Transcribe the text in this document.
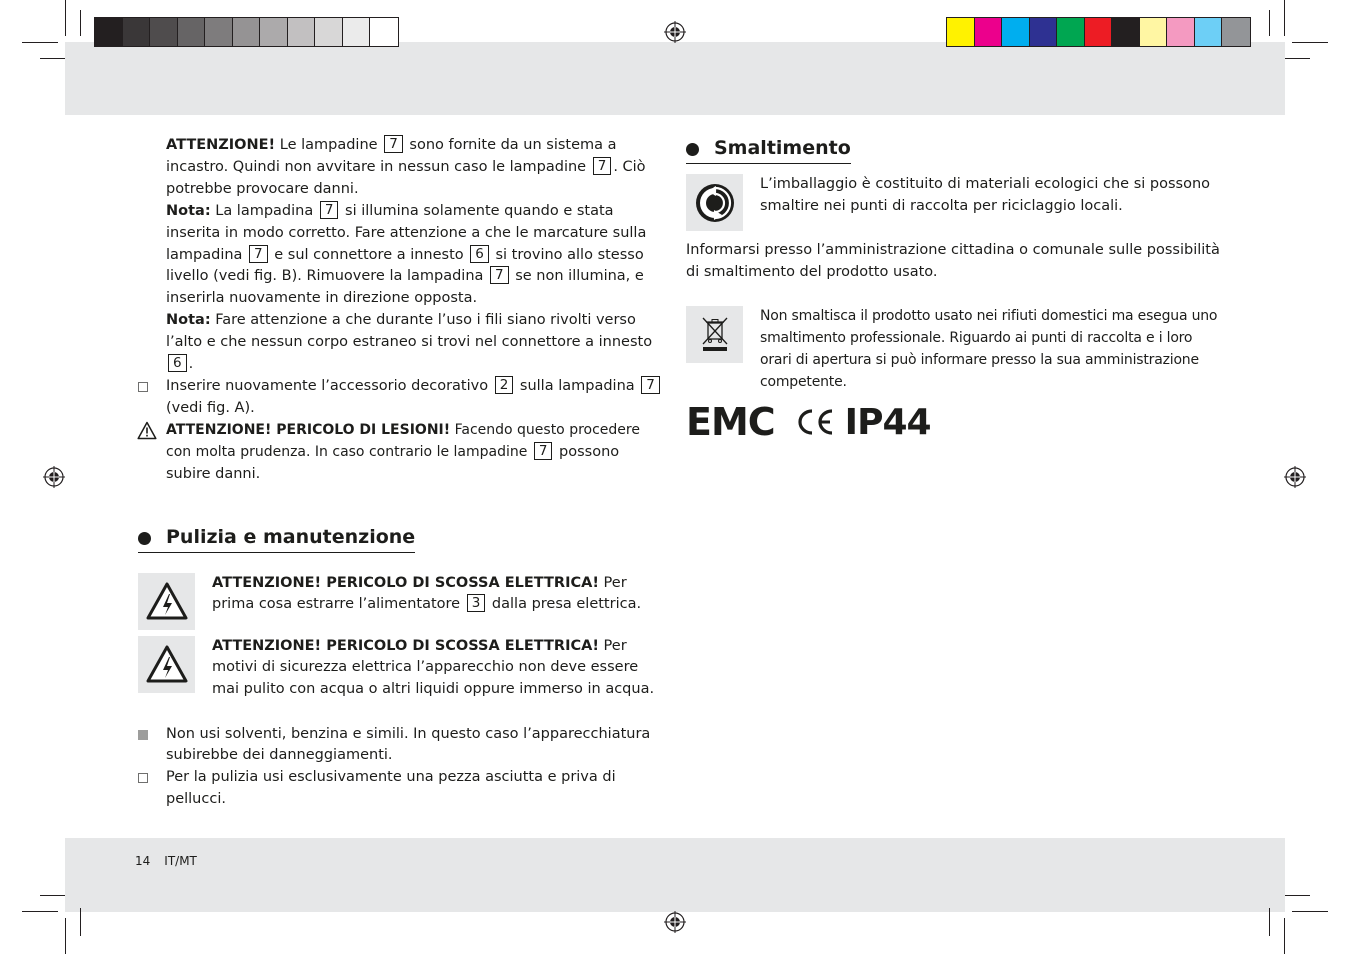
ATTENZIONE! Le lampadine 7 sono fornite da un sistema a incastro. Quindi non avvitare in nessun caso le lampadine 7 . Ciò potrebbe provocare danni.
Nota: La lampadina 7 si illumina solamente quando e stata inserita in modo corretto. Fare attenzione a che le marcature sulla lampadina 7 e sul connettore a innesto 6 si trovino allo stesso livello (vedi fig. B). Rimuovere la lampadina 7 se non illumina, e inserirla nuovamente in direzione opposta.
Nota: Fare attenzione a che durante l’uso i fili siano rivolti verso l’alto e che nessun corpo estraneo si trovi nel connettore a innesto 6 .
Inserire nuovamente l’accessorio decorativo 2 sulla lampadina 7 (vedi fig. A).
ATTENZIONE! PERICOLO DI LESIONI! Facendo questo procedere con molta prudenza. In caso contrario le lampadine 7 possono subire danni.
Pulizia e manutenzione
ATTENZIONE! PERICOLO DI SCOSSA ELETTRICA! Per prima cosa estrarre l’alimentatore 3 dalla presa elettrica.
ATTENZIONE! PERICOLO DI SCOSSA ELETTRICA! Per motivi di sicurezza elettrica l’apparecchio non deve essere mai pulito con acqua o altri liquidi oppure immerso in acqua.
Non usi solventi, benzina e simili. In questo caso l’apparecchiatura subirebbe dei danneggiamenti.
Per la pulizia usi esclusivamente una pezza asciutta e priva di pellucci.
Smaltimento
L’imballaggio è costituito di materiali ecologici che si possono smaltire nei punti di raccolta per riciclaggio locali.
Informarsi presso l’amministrazione cittadina o comunale sulle possibilità di smaltimento del prodotto usato.
Non smaltisca il prodotto usato nei rifiuti domestici ma esegua uno smaltimento professionale. Riguardo ai punti di raccolta e i loro orari di apertura si può informare presso la sua amministrazione competente.
EMC IP44
14 IT/MT
